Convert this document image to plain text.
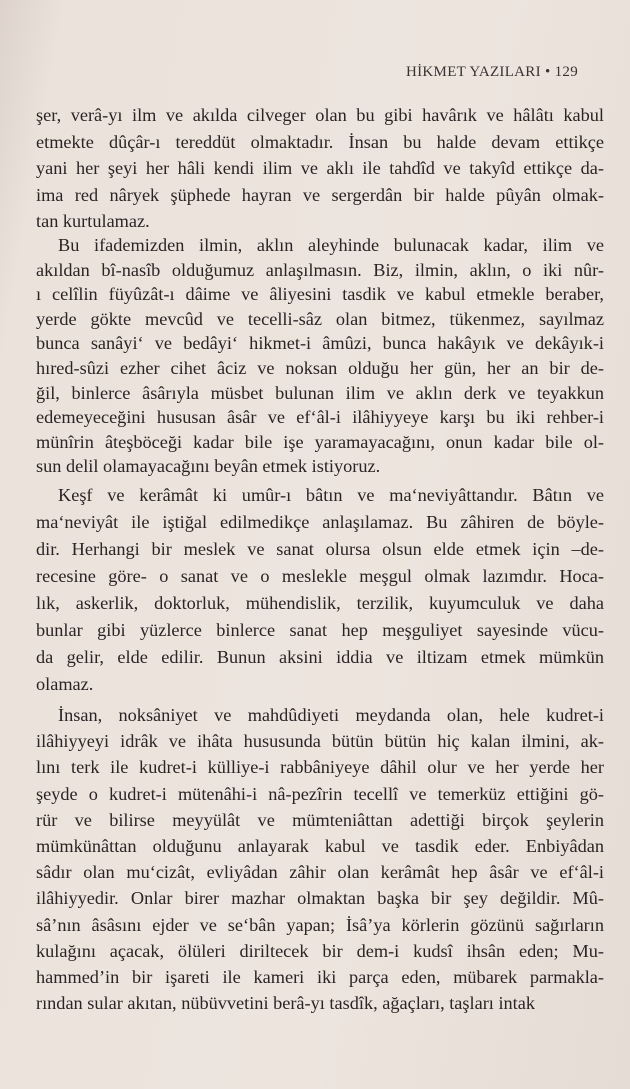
HİKMET YAZILARI • 129
şer, verâ-yı ilm ve akılda cilveger olan bu gibi havârık ve hâlâtı kabul
etmekte dûçâr-ı tereddüt olmaktadır. İnsan bu halde devam ettikçe
yani her şeyi her hâli kendi ilim ve aklı ile tahdîd ve takyîd ettikçe da-
ima red nâryek şüphede hayran ve sergerdân bir halde pûyân olmak-
tan kurtulamaz.
Bu ifademizden ilmin, aklın aleyhinde bulunacak kadar, ilim ve
akıldan bî-nasîb olduğumuz anlaşılmasın. Biz, ilmin, aklın, o iki nûr-
ı celîlin füyûzât-ı dâime ve âliyesini tasdik ve kabul etmekle beraber,
yerde gökte mevcûd ve tecelli-sâz olan bitmez, tükenmez, sayılmaz
bunca sanâyi‘ ve bedâyi‘ hikmet-i âmûzi, bunca hakâyık ve dekâyık-i
hıred-sûzi ezher cihet âciz ve noksan olduğu her gün, her an bir de-
ğil, binlerce âsârıyla müsbet bulunan ilim ve aklın derk ve teyakkun
edemeyeceğini hususan âsâr ve ef‘âl-i ilâhiyyeye karşı bu iki rehber-i
münîrin âteşböceği kadar bile işe yaramayacağını, onun kadar bile ol-
sun delil olamayacağını beyân etmek istiyoruz.
Keşf ve kerâmât ki umûr-ı bâtın ve ma‘neviyâttandır. Bâtın ve
ma‘neviyât ile iştiğal edilmedikçe anlaşılamaz. Bu zâhiren de böyle-
dir. Herhangi bir meslek ve sanat olursa olsun elde etmek için –de-
recesine göre- o sanat ve o meslekle meşgul olmak lazımdır. Hoca-
lık, askerlik, doktorluk, mühendislik, terzilik, kuyumculuk ve daha
bunlar gibi yüzlerce binlerce sanat hep meşguliyet sayesinde vücu-
da gelir, elde edilir. Bunun aksini iddia ve iltizam etmek mümkün
olamaz.
İnsan, noksâniyet ve mahdûdiyeti meydanda olan, hele kudret-i
ilâhiyyeyi idrâk ve ihâta hususunda bütün bütün hiç kalan ilmini, ak-
lını terk ile kudret-i külliye-i rabbâniyeye dâhil olur ve her yerde her
şeyde o kudret-i mütenâhi-i nâ-pezîrin tecellî ve temerküz ettiğini gö-
rür ve bilirse meyyülât ve mümteniâttan adettiği birçok şeylerin
mümkünâttan olduğunu anlayarak kabul ve tasdik eder. Enbiyâdan
sâdır olan mu‘cizât, evliyâdan zâhir olan kerâmât hep âsâr ve ef‘âl-i
ilâhiyyedir. Onlar birer mazhar olmaktan başka bir şey değildir. Mû-
sâ’nın âsâsını ejder ve se‘bân yapan; İsâ’ya körlerin gözünü sağırların
kulağını açacak, ölüleri diriltecek bir dem-i kudsî ihsân eden; Mu-
hammed’in bir işareti ile kameri iki parça eden, mübarek parmakla-
rından sular akıtan, nübüvvetini berâ-yı tasdîk, ağaçları, taşları intak
